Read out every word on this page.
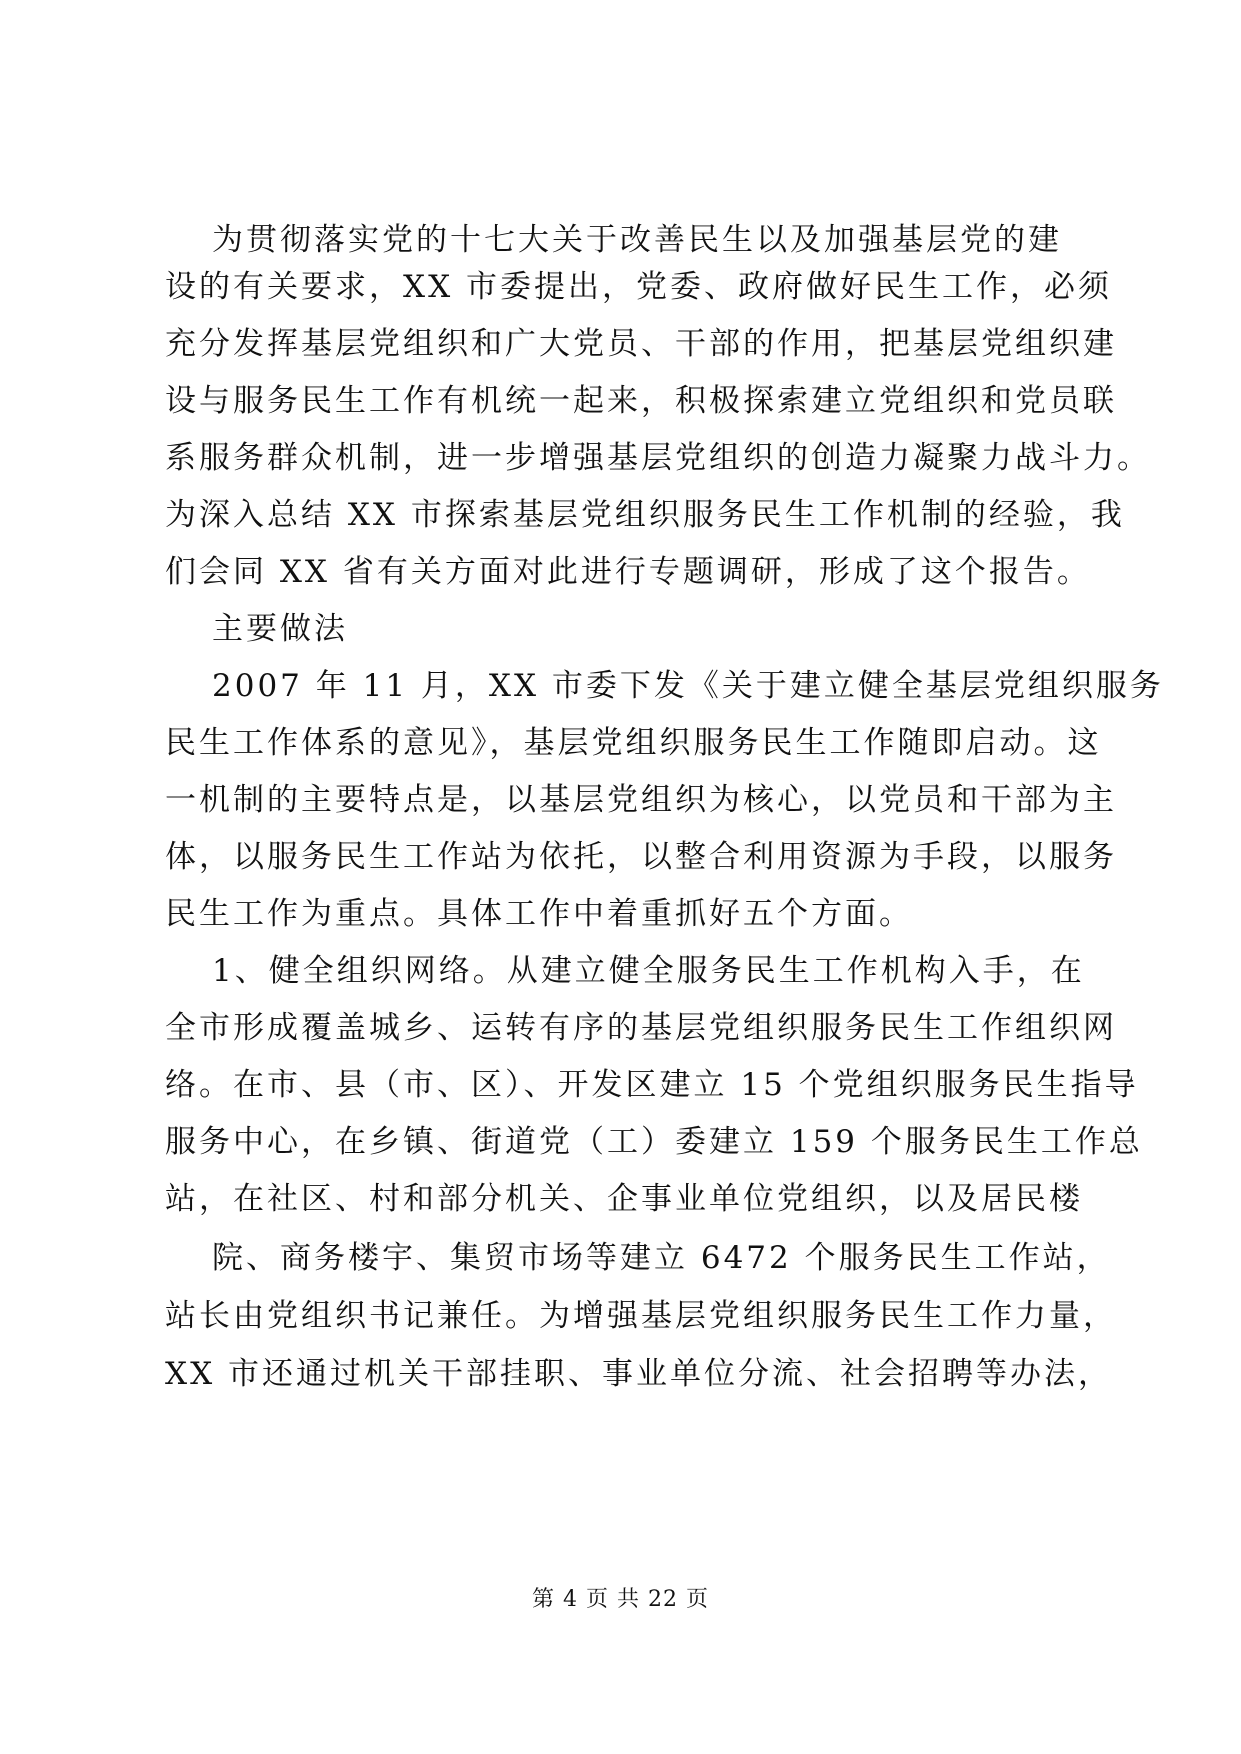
为贯彻落实党的十七大关于改善民生以及加强基层党的建
设的有关要求，XX 市委提出，党委、政府做好民生工作，必须
充分发挥基层党组织和广大党员、干部的作用，把基层党组织建
设与服务民生工作有机统一起来，积极探索建立党组织和党员联
系服务群众机制，进一步增强基层党组织的创造力凝聚力战斗力。
为深入总结 XX 市探索基层党组织服务民生工作机制的经验，我
们会同 XX 省有关方面对此进行专题调研，形成了这个报告。
主要做法
2007 年 11 月，XX 市委下发《关于建立健全基层党组织服务
民生工作体系的意见》，基层党组织服务民生工作随即启动。这
一机制的主要特点是，以基层党组织为核心，以党员和干部为主
体，以服务民生工作站为依托，以整合利用资源为手段，以服务
民生工作为重点。具体工作中着重抓好五个方面。
1、健全组织网络。从建立健全服务民生工作机构入手，在
全市形成覆盖城乡、运转有序的基层党组织服务民生工作组织网
络。在市、县（市、区）、开发区建立 15 个党组织服务民生指导
服务中心，在乡镇、街道党（工）委建立 159 个服务民生工作总
站，在社区、村和部分机关、企事业单位党组织，以及居民楼
院、商务楼宇、集贸市场等建立 6472 个服务民生工作站，
站长由党组织书记兼任。为增强基层党组织服务民生工作力量，
XX 市还通过机关干部挂职、事业单位分流、社会招聘等办法，
第 4 页 共 22 页
